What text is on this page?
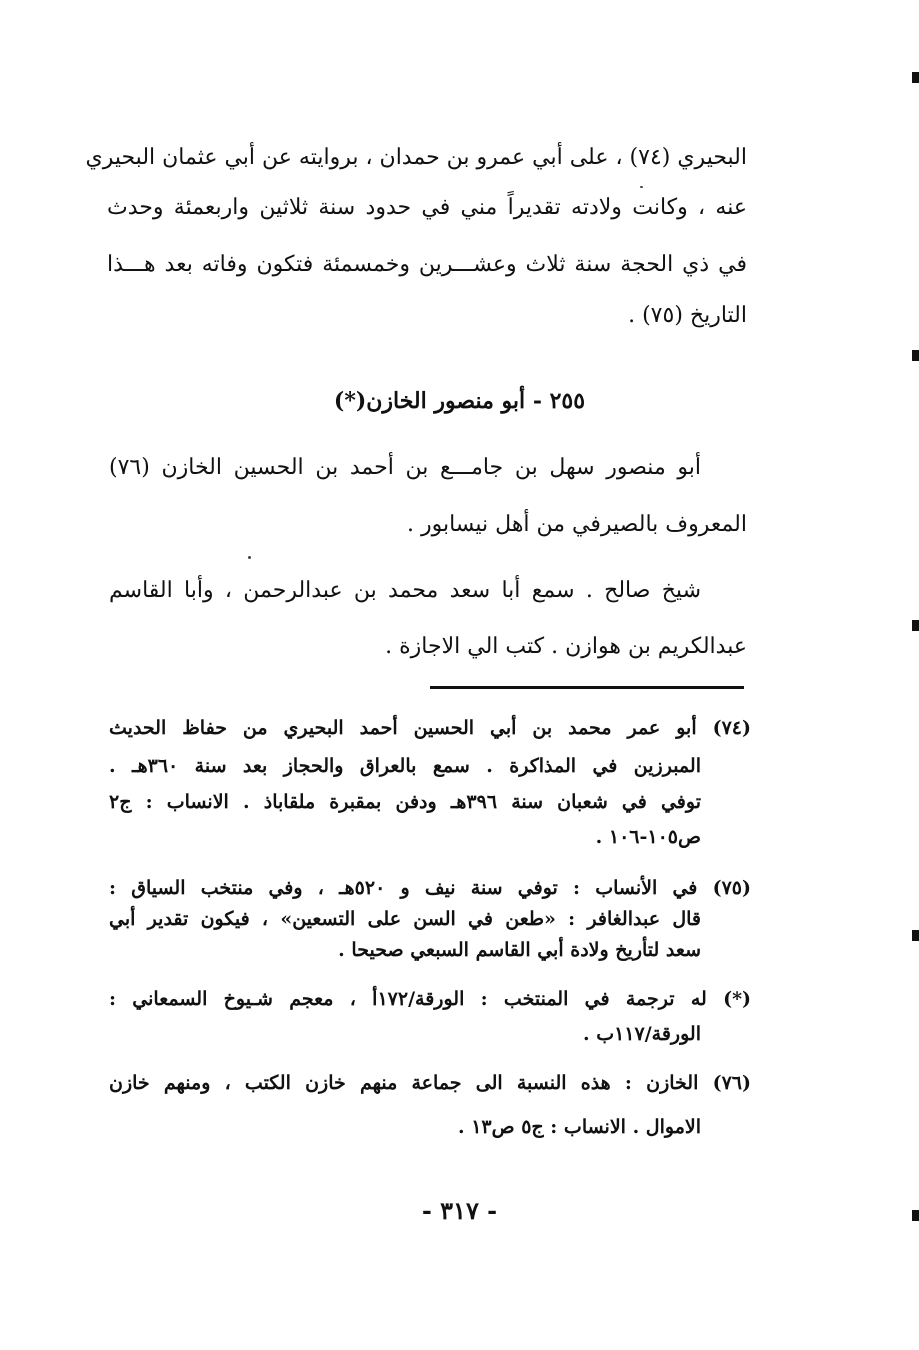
البحيري (٧٤) ، على أبي عمرو بن حمدان ، بروايته عن أبي عثمان البحيري
عنه ، وكانت ولادته تقديراً مني في حدود سنة ثلاثين واربعمئة وحدث
في ذي الحجة سنة ثلاث وعشـــرين وخمسمئة فتكون وفاته بعد هـــذا
التاريخ (٧٥) .
٢٥٥ - أبو منصور الخازن(*)
أبو منصور سهل بن جامـــع بن أحمد بن الحسين الخازن (٧٦)
المعروف بالصيرفي من أهل نيسابور .
شيخ صالح . سمع أبا سعد محمد بن عبدالرحمن ، وأبا القاسم
عبدالكريم بن هوازن . كتب الي الاجازة .
(٧٤) أبو عمر محمد بن أبي الحسين أحمد البحيري من حفاظ الحديث
المبرزين في المذاكرة . سمع بالعراق والحجاز بعد سنة ٣٦٠هـ .
توفي في شعبان سنة ٣٩٦هـ ودفن بمقبرة ملقاباذ . الانساب : ج٢
ص١٠٥-١٠٦ .
(٧٥) في الأنساب : توفي سنة نيف و ٥٢٠هـ ، وفي منتخب السياق :
قال عبدالغافر : «طعن في السن على التسعين» ، فيكون تقدير أبي
سعد لتأريخ ولادة أبي القاسم السبعي صحيحا .
(*) له ترجمة في المنتخب : الورقة/١٧٢أ ، معجم شـيوخ السمعاني :
الورقة/١١٧ب .
(٧٦) الخازن : هذه النسبة الى جماعة منهم خازن الكتب ، ومنهم خازن
الاموال . الانساب : ج٥ ص١٣ .
- ٣١٧ -
